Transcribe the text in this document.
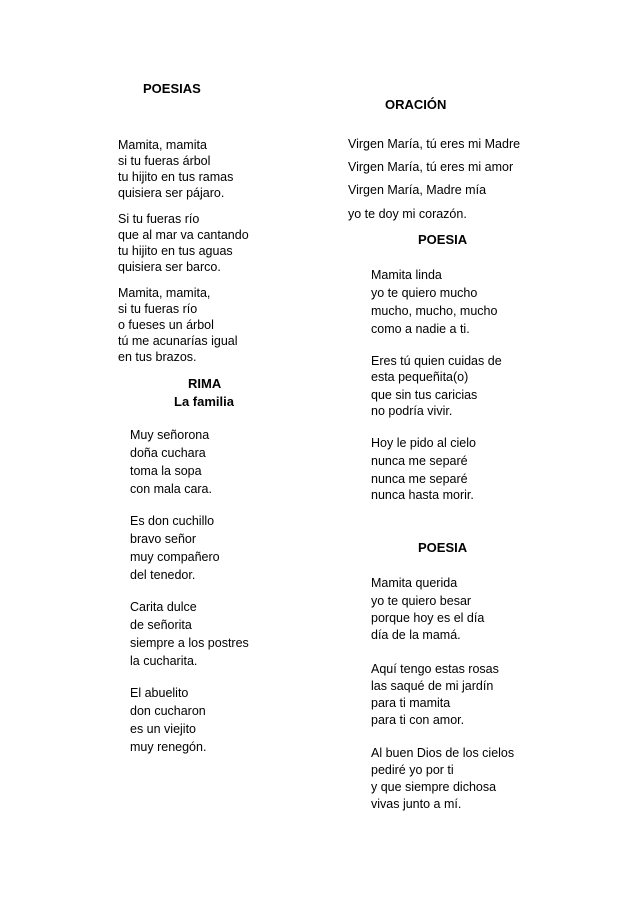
POESIAS
Mamita, mamita
si tu fueras árbol
tu hijito en tus ramas
quisiera ser pájaro.
Si tu fueras río
que al mar va cantando
tu hijito en tus aguas
quisiera ser barco.
Mamita, mamita,
si tu fueras río
o fueses un árbol
tú me acunarías igual
en tus brazos.
RIMA
La familia
Muy señorona
doña cuchara
toma la sopa
con mala cara.
Es don cuchillo
bravo señor
muy compañero
del tenedor.
Carita dulce
de señorita
siempre a los postres
la cucharita.
El abuelito
don cucharon
es un viejito
muy renegón.
ORACIÓN
Virgen María, tú eres mi Madre
Virgen María, tú eres mi amor
Virgen María, Madre mía
yo te doy mi corazón.
POESIA
Mamita linda
yo te quiero mucho
mucho, mucho, mucho
como a nadie a ti.
Eres tú quien cuidas de
esta pequeñita(o)
que sin tus caricias
no podría vivir.
Hoy le pido al cielo
nunca me separé
nunca me separé
nunca hasta morir.
POESIA
Mamita querida
yo te quiero besar
porque hoy es el día
día de la mamá.
Aquí tengo estas rosas
las saqué de mi jardín
para ti mamita
para ti con amor.
Al buen Dios de los cielos
pediré yo por ti
y que siempre dichosa
vivas junto a mí.
